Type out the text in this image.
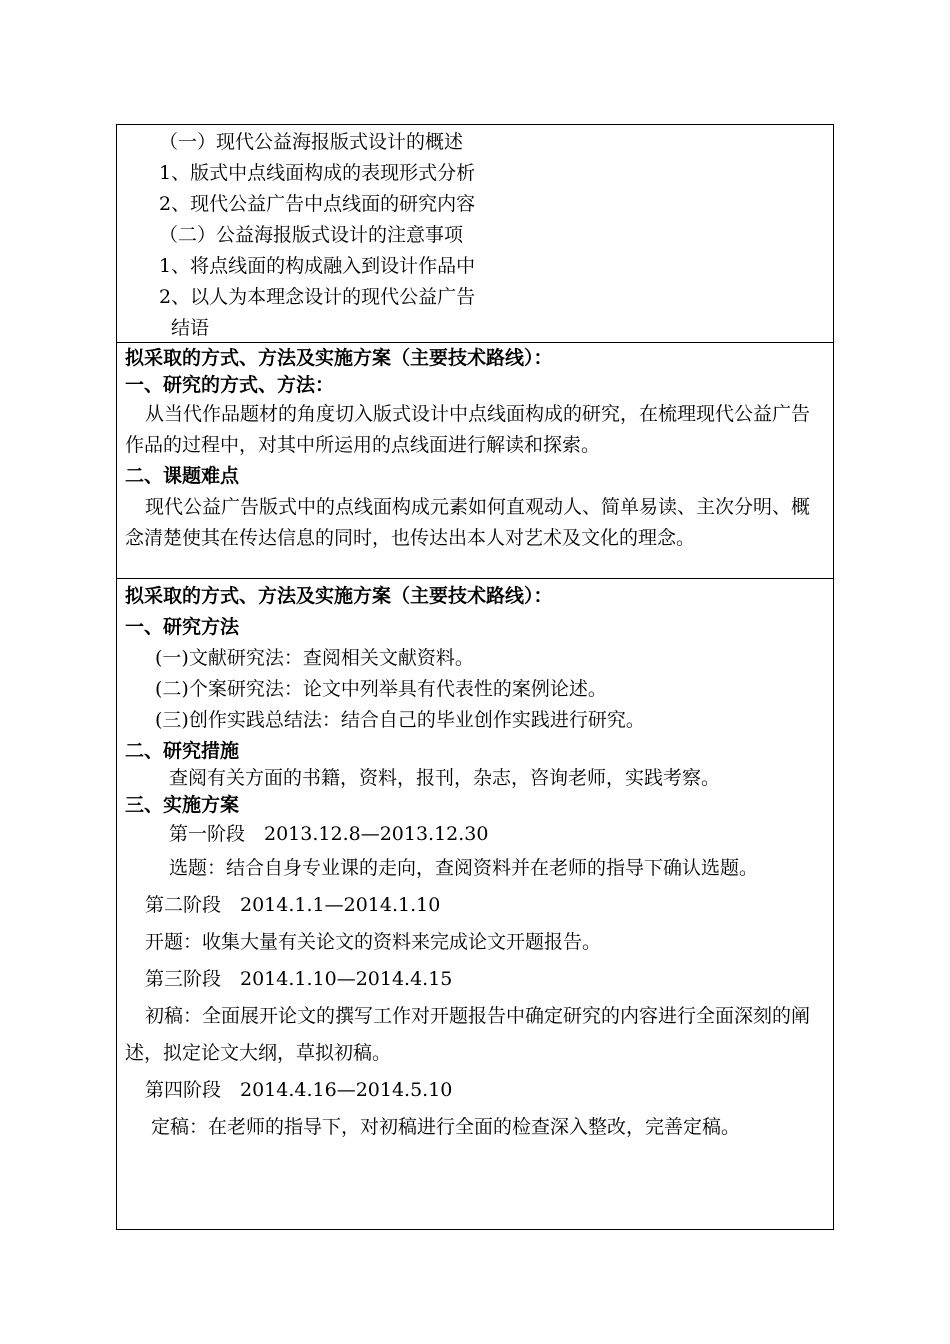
（一）现代公益海报版式设计的概述
1、版式中点线面构成的表现形式分析
2、现代公益广告中点线面的研究内容
（二）公益海报版式设计的注意事项
1、将点线面的构成融入到设计作品中
2、以人为本理念设计的现代公益广告
结语
拟采取的方式、方法及实施方案（主要技术路线）：
一、研究的方式、方法：
从当代作品题材的角度切入版式设计中点线面构成的研究，在梳理现代公益广告作品的过程中，对其中所运用的点线面进行解读和探索。
二、课题难点
现代公益广告版式中的点线面构成元素如何直观动人、简单易读、主次分明、概念清楚使其在传达信息的同时，也传达出本人对艺术及文化的理念。
拟采取的方式、方法及实施方案（主要技术路线）：
一、研究方法
(一)文献研究法：查阅相关文献资料。
(二)个案研究法：论文中列举具有代表性的案例论述。
(三)创作实践总结法：结合自己的毕业创作实践进行研究。
二、研究措施
查阅有关方面的书籍，资料，报刊，杂志，咨询老师，实践考察。
三、实施方案
第一阶段　2013.12.8—2013.12.30
选题：结合自身专业课的走向，查阅资料并在老师的指导下确认选题。
第二阶段　2014.1.1—2014.1.10
开题：收集大量有关论文的资料来完成论文开题报告。
第三阶段　2014.1.10—2014.4.15
初稿：全面展开论文的撰写工作对开题报告中确定研究的内容进行全面深刻的阐　述，拟定论文大纲，草拟初稿。
第四阶段　2014.4.16—2014.5.10
定稿：在老师的指导下，对初稿进行全面的检查深入整改，完善定稿。
